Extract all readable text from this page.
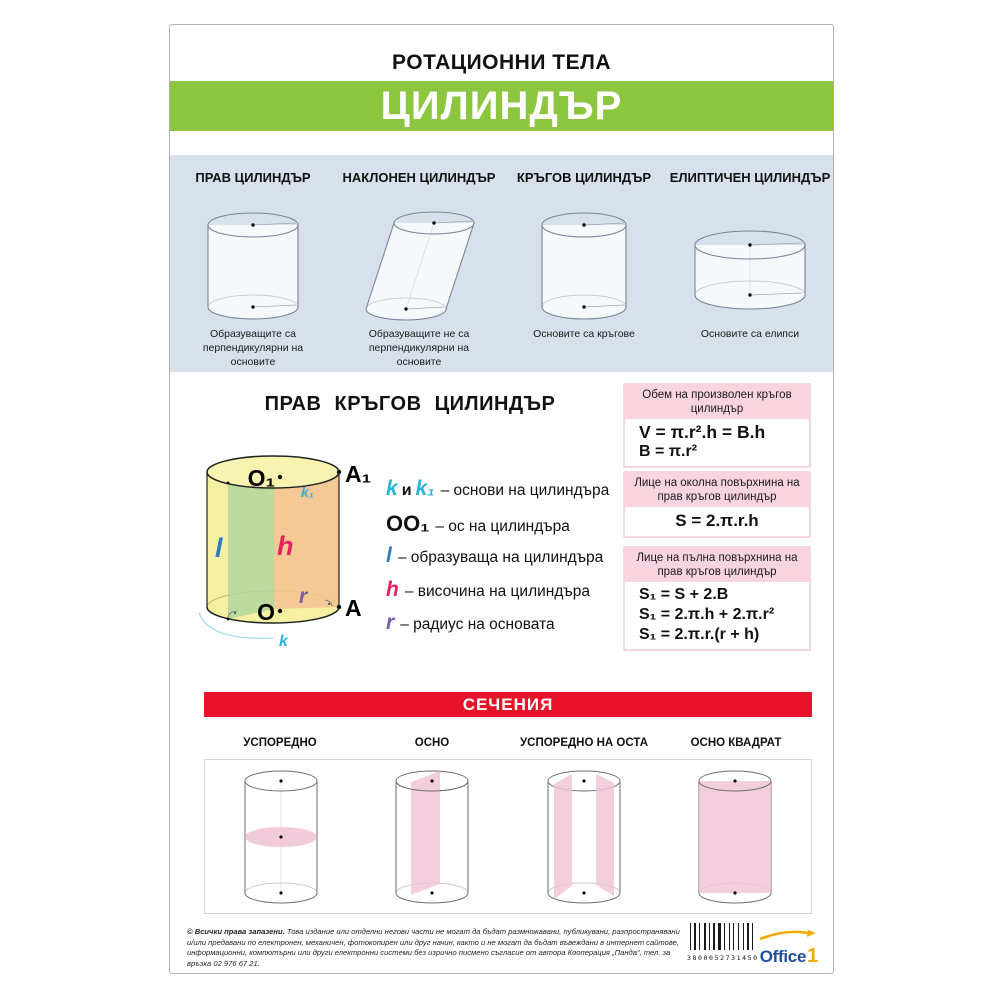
РОТАЦИОННИ ТЕЛА
ЦИЛИНДЪР
ПРАВ ЦИЛИНДЪР
Образуващите са перпендикулярни на основите
НАКЛОНЕН ЦИЛИНДЪР
Образуващите не са перпендикулярни на основите
КРЪГОВ ЦИЛИНДЪР
Основите са кръгове
ЕЛИПТИЧЕН ЦИЛИНДЪР
Основите са елипси
ПРАВ КРЪГОВ ЦИЛИНДЪР
O₁	A₁
k₁
l h
r
O	A
k
k и k₁ – основи на цилиндъра
OO₁ – ос на цилиндъра
l – образуваща на цилиндъра
h – височина на цилиндъра
r – радиус на основата
Обем на произволен кръгов цилиндър
V = π.r².h = B.h
B = π.r²
Лице на околна повърхнина на прав кръгов цилиндър
S = 2.π.r.h
Лице на пълна повърхнина на прав кръгов цилиндър
S₁ = S + 2.B
S₁ = 2.π.h + 2.π.r²
S₁ = 2.π.r.(r + h)
СЕЧЕНИЯ
УСПОРЕДНО	ОСНО	УСПОРЕДНО НА ОСТА	ОСНО КВАДРАТ
© Всички права запазени. Това издание или отделни негови части не могат да бъдат размножавани, публикувани, разпространявани и/или предавани по електронен, механичен, фотокопирен или друг начин, както и не могат да бъдат въвеждани в интернет сайтове, информационни, компютърни или други електронни системи без изрично писмено съгласие от автора Кооперация „Панда“, тел. за връзка 02 976 67 21.
3800052731450 Office 1
